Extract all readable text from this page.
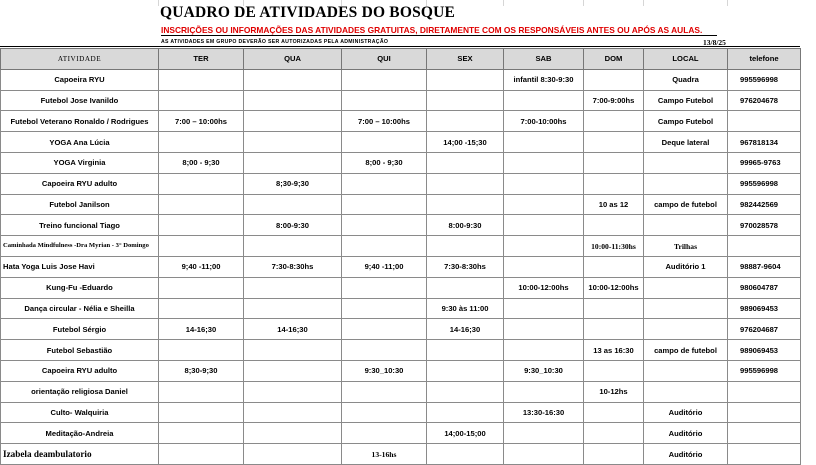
QUADRO DE ATIVIDADES DO BOSQUE
INSCRIÇÕES OU INFORMAÇÕES DAS ATIVIDADES GRATUITAS, DIRETAMENTE COM OS RESPONSÁVEIS ANTES OU APÓS AS AULAS.
AS ATIVIDADES EM GRUPO DEVERÃO SER AUTORIZADAS PELA ADMINISTRAÇÃO	13/8/25
ATIVIDADE	TER	QUA	QUI	SEX	SAB	DOM	LOCAL	telefone
Capoeira RYU					infantil 8:30-9:30		Quadra	995596998
Futebol Jose Ivanildo						7:00-9:00hs	Campo Futebol	976204678
Futebol Veterano Ronaldo / Rodrigues	7:00 – 10:00hs		7:00 – 10:00hs		7:00-10:00hs		Campo Futebol	
YOGA Ana Lúcia				14;00 -15;30			Deque lateral	967818134
YOGA Virginia	8;00 - 9;30		8;00 - 9;30					99965-9763
Capoeira RYU adulto		8;30-9;30						995596998
Futebol Janilson						10 as 12	campo de futebol	982442569
Treino funcional Tiago		8:00-9:30		8:00-9:30				970028578
Caminhada Mindfulness -Dra Myrian - 3° Domingo						10:00-11:30hs	Trilhas	
Hata Yoga Luis Jose Havi	9;40 -11;00	7:30-8:30hs	9;40 -11;00	7:30-8:30hs			Auditório 1	98887-9604
Kung-Fu -Eduardo					10:00-12:00hs	10:00-12:00hs		980604787
Dança circular - Nélia e Sheilla				9:30 às 11:00				989069453
Futebol Sérgio	14-16;30	14-16;30		14-16;30				976204687
Futebol Sebastião						13 as 16:30	campo de futebol	989069453
Capoeira RYU adulto	8;30-9;30		9:30_10:30		9:30_10:30			995596998
orientação religiosa Daniel						10-12hs		
Culto- Walquiria					13:30-16:30		Auditório	
Meditação-Andreia				14;00-15;00			Auditório	
Izabela deambulatorio			13-16hs				Auditório	
